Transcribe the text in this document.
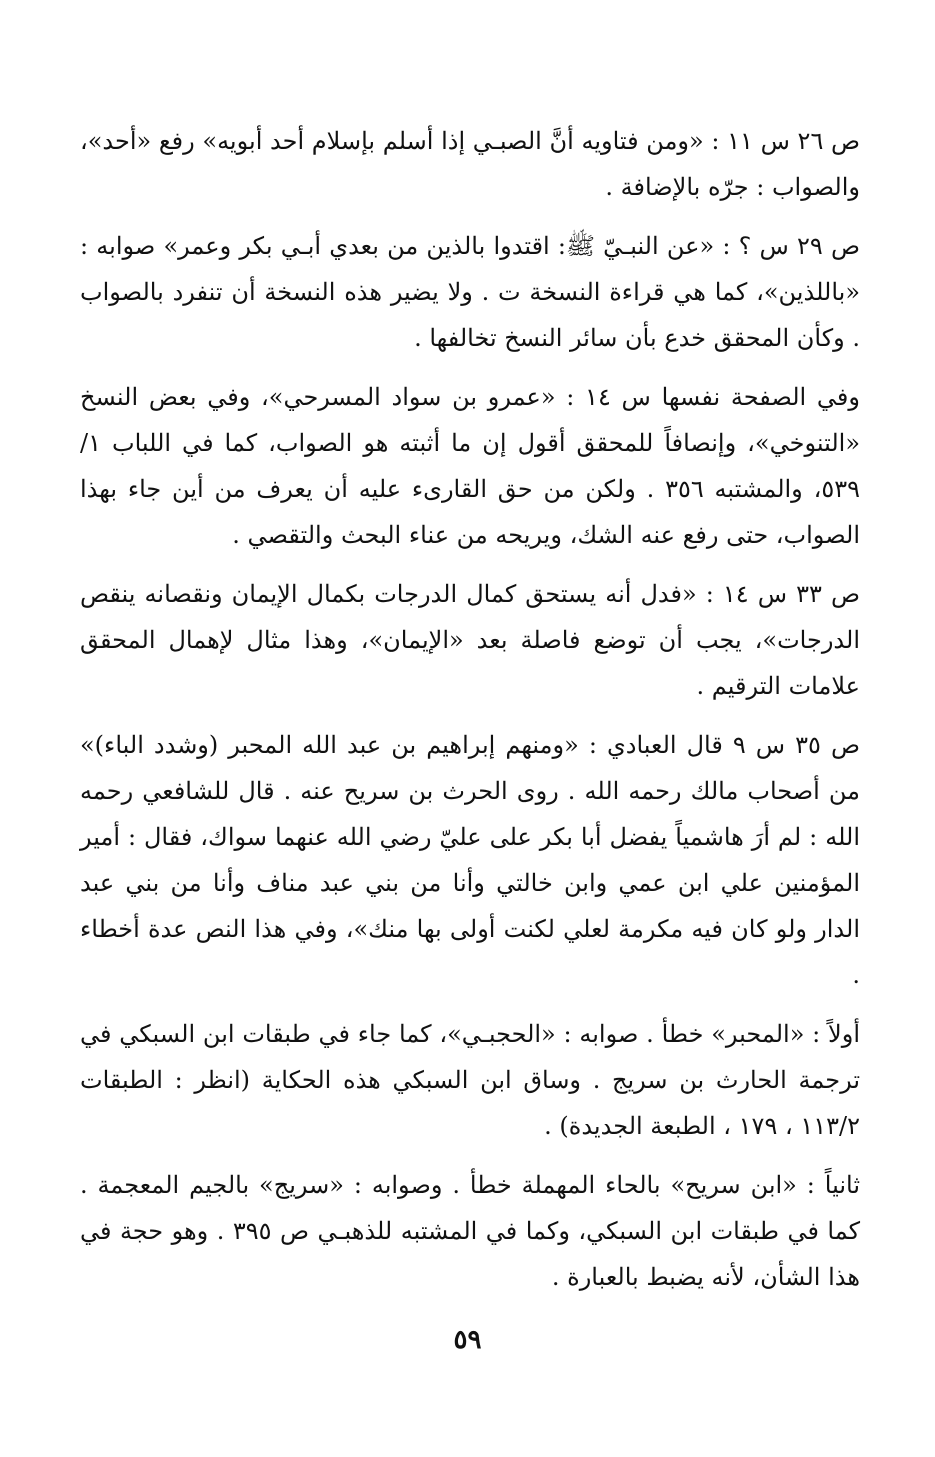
ص ٢٦ س ١١ : «ومن فتاويه أنَّ الصبـي إذا أسلم بإسلام أحد أبويه» رفع «أحد»، والصواب : جرّه بالإضافة .

ص ٢٩ س ؟ : «عن النبـيّ ﷺ: اقتدوا بالذين من بعدي أبـي بكر وعمر» صوابه : «باللذين»، كما هي قراءة النسخة ت . ولا يضير هذه النسخة أن تنفرد بالصواب . وكأن المحقق خدع بأن سائر النسخ تخالفها .

وفي الصفحة نفسها س ١٤ : «عمرو بن سواد المسرحي»، وفي بعض النسخ «التنوخي»، وإنصافاً للمحقق أقول إن ما أثبته هو الصواب، كما في اللباب ١/ ٥٣٩، والمشتبه ٣٥٦ . ولكن من حق القارىء عليه أن يعرف من أين جاء بهذا الصواب، حتى رفع عنه الشك، ويريحه من عناء البحث والتقصي .

ص ٣٣ س ١٤ : «فدل أنه يستحق كمال الدرجات بكمال الإيمان ونقصانه ينقص الدرجات»، يجب أن توضع فاصلة بعد «الإيمان»، وهذا مثال لإهمال المحقق علامات الترقيم .

ص ٣٥ س ٩ قال العبادي : «ومنهم إبراهيم بن عبد الله المحبر (وشدد الباء)» من أصحاب مالك رحمه الله . روى الحرث بن سريح عنه . قال للشافعي رحمه الله : لم أرَ هاشمياً يفضل أبا بكر على عليّ رضي الله عنهما سواك، فقال : أمير المؤمنين علي ابن عمي وابن خالتي وأنا من بني عبد مناف وأنا من بني عبد الدار ولو كان فيه مكرمة لعلي لكنت أولى بها منك»، وفي هذا النص عدة أخطاء .

أولاً : «المحبر» خطأ . صوابه : «الحجبـي»، كما جاء في طبقات ابن السبكي في ترجمة الحارث بن سريج . وساق ابن السبكي هذه الحكاية (انظر : الطبقات ١١٣/٢ ، ١٧٩ ، الطبعة الجديدة) .

ثانياً : «ابن سريح» بالحاء المهملة خطأ . وصوابه : «سريج» بالجيم المعجمة . كما في طبقات ابن السبكي، وكما في المشتبه للذهبـي ص ٣٩٥ . وهو حجة في هذا الشأن، لأنه يضبط بالعبارة .

٥٩
